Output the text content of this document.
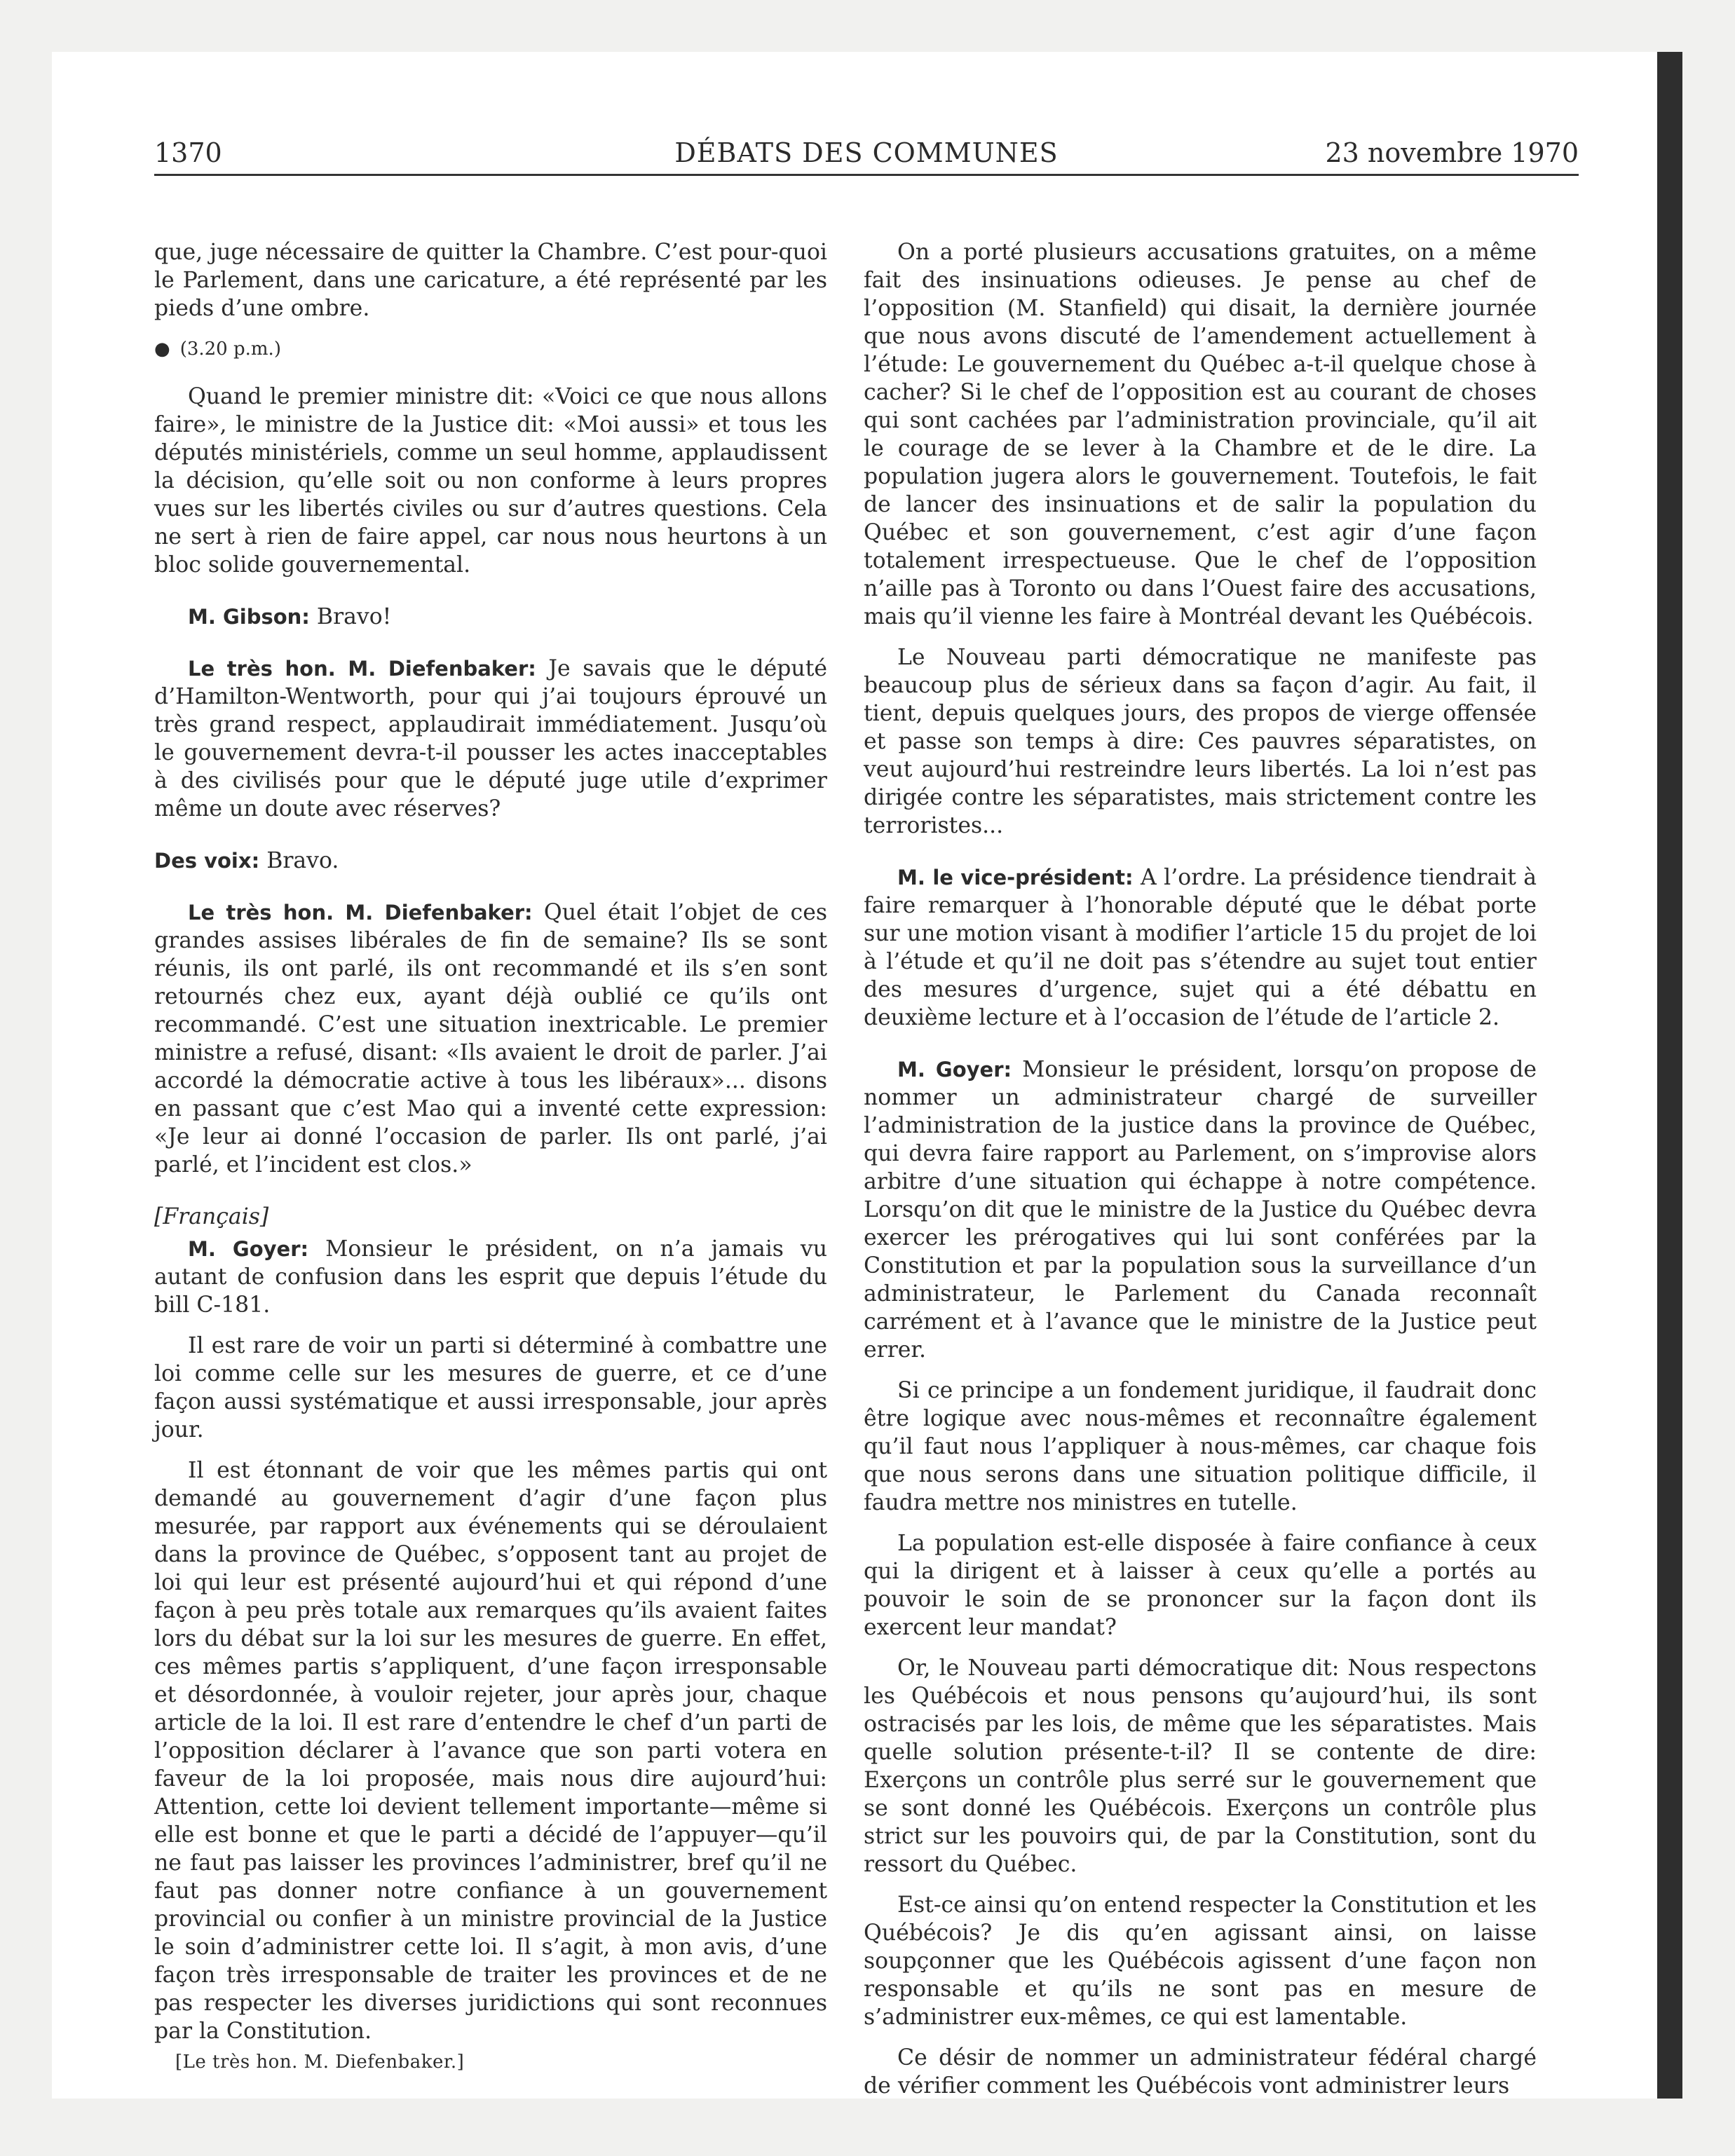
1370	DÉBATS DES COMMUNES	23 novembre 1970

que, juge nécessaire de quitter la Chambre. C’est pour-quoi le Parlement, dans une caricature, a été représenté par les pieds d’une ombre.

● (3.20 p.m.)

Quand le premier ministre dit: «Voici ce que nous allons faire», le ministre de la Justice dit: «Moi aussi» et tous les députés ministériels, comme un seul homme, applaudissent la décision, qu’elle soit ou non conforme à leurs propres vues sur les libertés civiles ou sur d’autres questions. Cela ne sert à rien de faire appel, car nous nous heurtons à un bloc solide gouvernemental.

M. Gibson: Bravo!

Le très hon. M. Diefenbaker: Je savais que le député d’Hamilton-Wentworth, pour qui j’ai toujours éprouvé un très grand respect, applaudirait immédiatement. Jusqu’où le gouvernement devra-t-il pousser les actes inacceptables à des civilisés pour que le député juge utile d’exprimer même un doute avec réserves?

Des voix: Bravo.

Le très hon. M. Diefenbaker: Quel était l’objet de ces grandes assises libérales de fin de semaine? Ils se sont réunis, ils ont parlé, ils ont recommandé et ils s’en sont retournés chez eux, ayant déjà oublié ce qu’ils ont recommandé. C’est une situation inextricable. Le premier ministre a refusé, disant: «Ils avaient le droit de parler. J’ai accordé la démocratie active à tous les libéraux»... disons en passant que c’est Mao qui a inventé cette expression: «Je leur ai donné l’occasion de parler. Ils ont parlé, j’ai parlé, et l’incident est clos.»

[Français]

M. Goyer: Monsieur le président, on n’a jamais vu autant de confusion dans les esprit que depuis l’étude du bill C-181.

Il est rare de voir un parti si déterminé à combattre une loi comme celle sur les mesures de guerre, et ce d’une façon aussi systématique et aussi irresponsable, jour après jour.

Il est étonnant de voir que les mêmes partis qui ont demandé au gouvernement d’agir d’une façon plus mesurée, par rapport aux événements qui se déroulaient dans la province de Québec, s’opposent tant au projet de loi qui leur est présenté aujourd’hui et qui répond d’une façon à peu près totale aux remarques qu’ils avaient faites lors du débat sur la loi sur les mesures de guerre. En effet, ces mêmes partis s’appliquent, d’une façon irresponsable et désordonnée, à vouloir rejeter, jour après jour, chaque article de la loi. Il est rare d’entendre le chef d’un parti de l’opposition déclarer à l’avance que son parti votera en faveur de la loi proposée, mais nous dire aujourd’hui: Attention, cette loi devient tellement importante—même si elle est bonne et que le parti a décidé de l’appuyer—qu’il ne faut pas laisser les provinces l’administrer, bref qu’il ne faut pas donner notre confiance à un gouvernement provincial ou confier à un ministre provincial de la Justice le soin d’administrer cette loi. Il s’agit, à mon avis, d’une façon très irresponsable de traiter les provinces et de ne pas respecter les diverses juridictions qui sont reconnues par la Constitution.

[Le très hon. M. Diefenbaker.]

On a porté plusieurs accusations gratuites, on a même fait des insinuations odieuses. Je pense au chef de l’opposition (M. Stanfield) qui disait, la dernière journée que nous avons discuté de l’amendement actuellement à l’étude: Le gouvernement du Québec a-t-il quelque chose à cacher? Si le chef de l’opposition est au courant de choses qui sont cachées par l’administration provinciale, qu’il ait le courage de se lever à la Chambre et de le dire. La population jugera alors le gouvernement. Toutefois, le fait de lancer des insinuations et de salir la population du Québec et son gouvernement, c’est agir d’une façon totalement irrespectueuse. Que le chef de l’opposition n’aille pas à Toronto ou dans l’Ouest faire des accusations, mais qu’il vienne les faire à Montréal devant les Québécois.

Le Nouveau parti démocratique ne manifeste pas beaucoup plus de sérieux dans sa façon d’agir. Au fait, il tient, depuis quelques jours, des propos de vierge offensée et passe son temps à dire: Ces pauvres séparatistes, on veut aujourd’hui restreindre leurs libertés. La loi n’est pas dirigée contre les séparatistes, mais strictement contre les terroristes...

M. le vice-président: A l’ordre. La présidence tiendrait à faire remarquer à l’honorable député que le débat porte sur une motion visant à modifier l’article 15 du projet de loi à l’étude et qu’il ne doit pas s’étendre au sujet tout entier des mesures d’urgence, sujet qui a été débattu en deuxième lecture et à l’occasion de l’étude de l’article 2.

M. Goyer: Monsieur le président, lorsqu’on propose de nommer un administrateur chargé de surveiller l’administration de la justice dans la province de Québec, qui devra faire rapport au Parlement, on s’improvise alors arbitre d’une situation qui échappe à notre compétence. Lorsqu’on dit que le ministre de la Justice du Québec devra exercer les prérogatives qui lui sont conférées par la Constitution et par la population sous la surveillance d’un administrateur, le Parlement du Canada reconnaît carrément et à l’avance que le ministre de la Justice peut errer.

Si ce principe a un fondement juridique, il faudrait donc être logique avec nous-mêmes et reconnaître également qu’il faut nous l’appliquer à nous-mêmes, car chaque fois que nous serons dans une situation politique difficile, il faudra mettre nos ministres en tutelle.

La population est-elle disposée à faire confiance à ceux qui la dirigent et à laisser à ceux qu’elle a portés au pouvoir le soin de se prononcer sur la façon dont ils exercent leur mandat?

Or, le Nouveau parti démocratique dit: Nous respectons les Québécois et nous pensons qu’aujourd’hui, ils sont ostracisés par les lois, de même que les séparatistes. Mais quelle solution présente-t-il? Il se contente de dire: Exerçons un contrôle plus serré sur le gouvernement que se sont donné les Québécois. Exerçons un contrôle plus strict sur les pouvoirs qui, de par la Constitution, sont du ressort du Québec.

Est-ce ainsi qu’on entend respecter la Constitution et les Québécois? Je dis qu’en agissant ainsi, on laisse soupçonner que les Québécois agissent d’une façon non responsable et qu’ils ne sont pas en mesure de s’administrer eux-mêmes, ce qui est lamentable.

Ce désir de nommer un administrateur fédéral chargé de vérifier comment les Québécois vont administrer leurs
